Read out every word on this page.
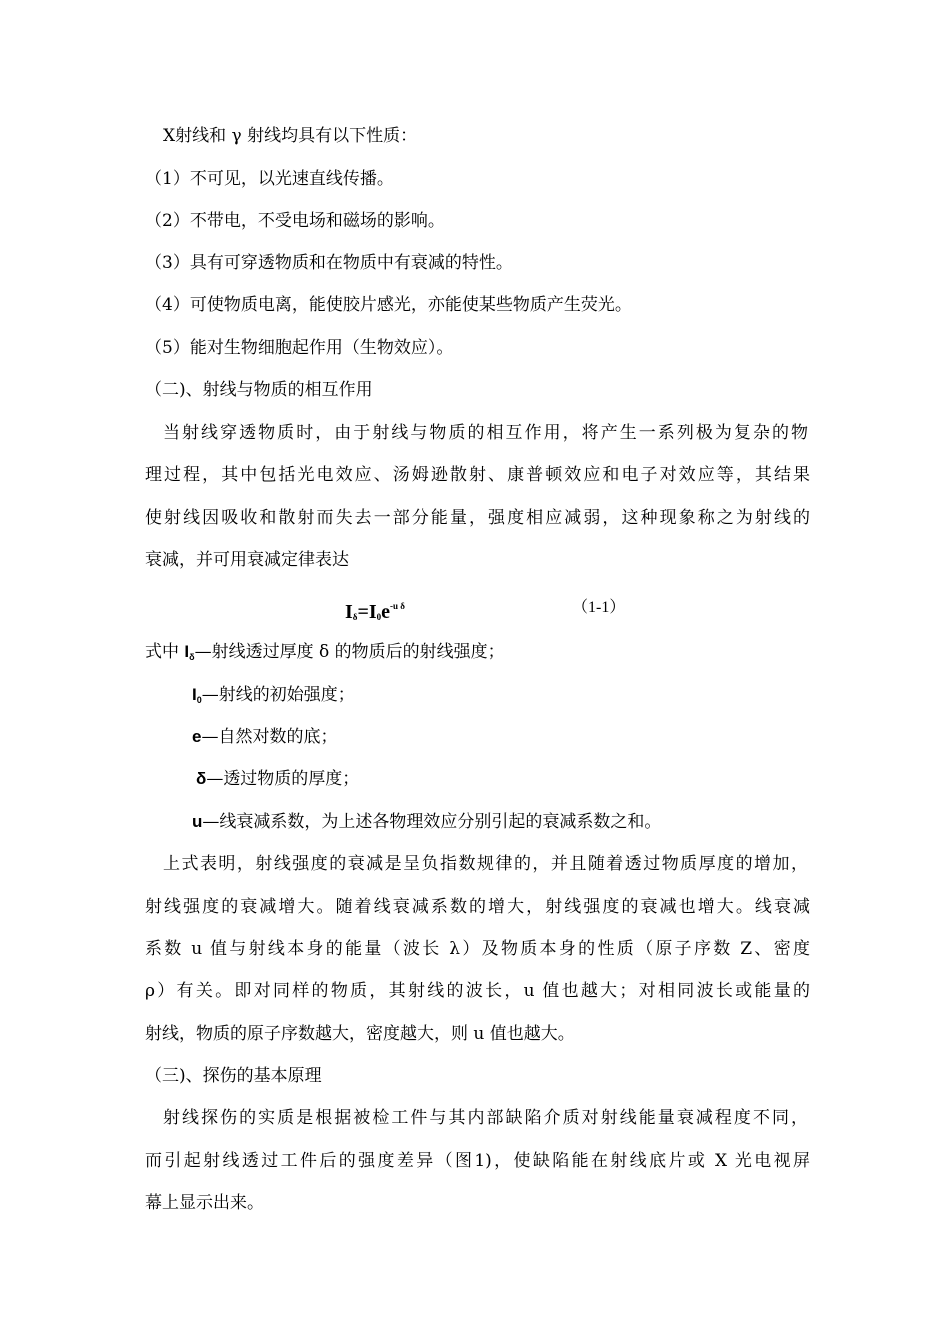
X射线和 γ 射线均具有以下性质：
（1）不可见，以光速直线传播。
（2）不带电，不受电场和磁场的影响。
（3）具有可穿透物质和在物质中有衰减的特性。
（4）可使物质电离，能使胶片感光，亦能使某些物质产生荧光。
（5）能对生物细胞起作用（生物效应）。
（二)、射线与物质的相互作用
当射线穿透物质时，由于射线与物质的相互作用，将产生一系列极为复杂的物
理过程，其中包括光电效应、汤姆逊散射、康普顿效应和电子对效应等，其结果
使射线因吸收和散射而失去一部分能量，强度相应减弱，这种现象称之为射线的
衰减，并可用衰减定律表达
$I_\delta=I_0e^{-u \delta}$	（1-1）
式中 $I_\delta—$射线透过厚度 δ 的物质后的射线强度；
$I_0—$射线的初始强度；
e—自然对数的底；
δ—透过物质的厚度；
u—线衰减系数，为上述各物理效应分别引起的衰减系数之和。
上式表明，射线强度的衰减是呈负指数规律的，并且随着透过物质厚度的增加，
射线强度的衰减增大。随着线衰减系数的增大，射线强度的衰减也增大。线衰减
系数 u 值与射线本身的能量（波长 λ）及物质本身的性质（原子序数 Z、密度
ρ）有关。即对同样的物质，其射线的波长，u 值也越大；对相同波长或能量的
射线，物质的原子序数越大，密度越大，则 u 值也越大。
（三)、探伤的基本原理
射线探伤的实质是根据被检工件与其内部缺陷介质对射线能量衰减程度不同，
而引起射线透过工件后的强度差异（图1)，使缺陷能在射线底片或 X 光电视屏
幕上显示出来。
